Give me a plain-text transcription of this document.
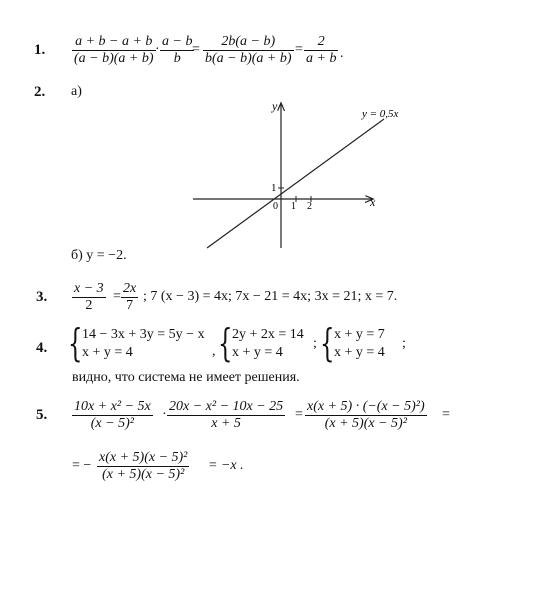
1. $\frac{a + b - a + b}{(a - b)(a + b)} \cdot \frac{a - b}{b}$
= $\frac{2b(a - b)}{b(a - b)(a + b)} = \frac{2}{a + b}$ .
2. а)
y
x
y = 0,5x
1
0 1 2
б) y = −2.
3. $\frac{x - 3}{2} = \frac{2x}{7}$ ; 7 (x − 3) = 4x; 7x − 21 = 4x; 3x = 21; x = 7.
4. { 14 − 3x + 3y = 5y − x
x + y = 4	, { 2y + 2x = 14
x + y = 4
; { x + y = 7
x + y = 4
;
видно, что система не имеет решения.
5. $\frac{\text{10x + x² − 5x}}{\text{(x − 5)²}} \cdot \frac{\text{20x − x² − 10x − 25}}{x + 5} = \frac{\text{x(x + 5) · (−(x − 5)²)}}{\text{(x + 5)(x − 5)²}}$ =
= − $\frac{\text{x(x + 5)(x − 5)²}}{\text{(x + 5)(x − 5)²}} = -x$ .
